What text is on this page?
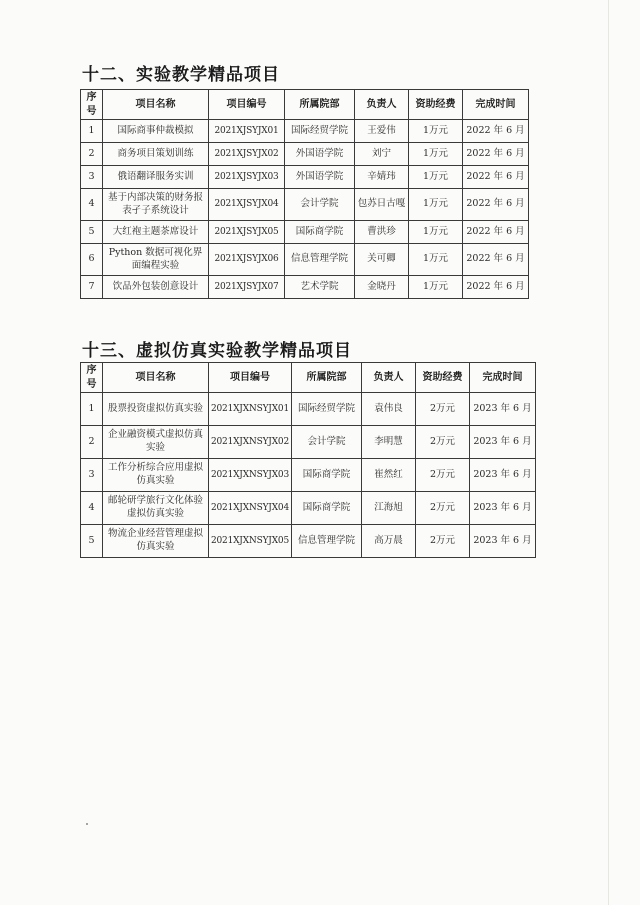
十二、实验教学精品项目
序号	项目名称	项目编号	所属院部	负责人	资助经费	完成时间
1	国际商事仲裁模拟	2021XJSYJX01	国际经贸学院	王爱伟	1万元	2022 年 6 月
2	商务项目策划训练	2021XJSYJX02	外国语学院	刘宁	1万元	2022 年 6 月
3	俄语翻译服务实训	2021XJSYJX03	外国语学院	辛婧玮	1万元	2022 年 6 月
4	基于内部决策的财务报表孑子系统设计	2021XJSYJX04	会计学院	包苏日古嘎	1万元	2022 年 6 月
5	大红袍主题茶席设计	2021XJSYJX05	国际商学院	曹洪珍	1万元	2022 年 6 月
6	Python 数据可视化界面编程实验	2021XJSYJX06	信息管理学院	关可卿	1万元	2022 年 6 月
7	饮品外包装创意设计	2021XJSYJX07	艺术学院	金晓丹	1万元	2022 年 6 月
十三、虚拟仿真实验教学精品项目
序号	项目名称	项目编号	所属院部	负责人	资助经费	完成时间
1	股票投资虚拟仿真实验	2021XJXNSYJX01	国际经贸学院	袁伟良	2万元	2023 年 6 月
2	企业融资模式虚拟仿真实验	2021XJXNSYJX02	会计学院	李明慧	2万元	2023 年 6 月
3	工作分析综合应用虚拟仿真实验	2021XJXNSYJX03	国际商学院	崔然红	2万元	2023 年 6 月
4	邮轮研学旅行文化体验虚拟仿真实验	2021XJXNSYJX04	国际商学院	江海旭	2万元	2023 年 6 月
5	物流企业经营管理虚拟仿真实验	2021XJXNSYJX05	信息管理学院	高万晨	2万元	2023 年 6 月
